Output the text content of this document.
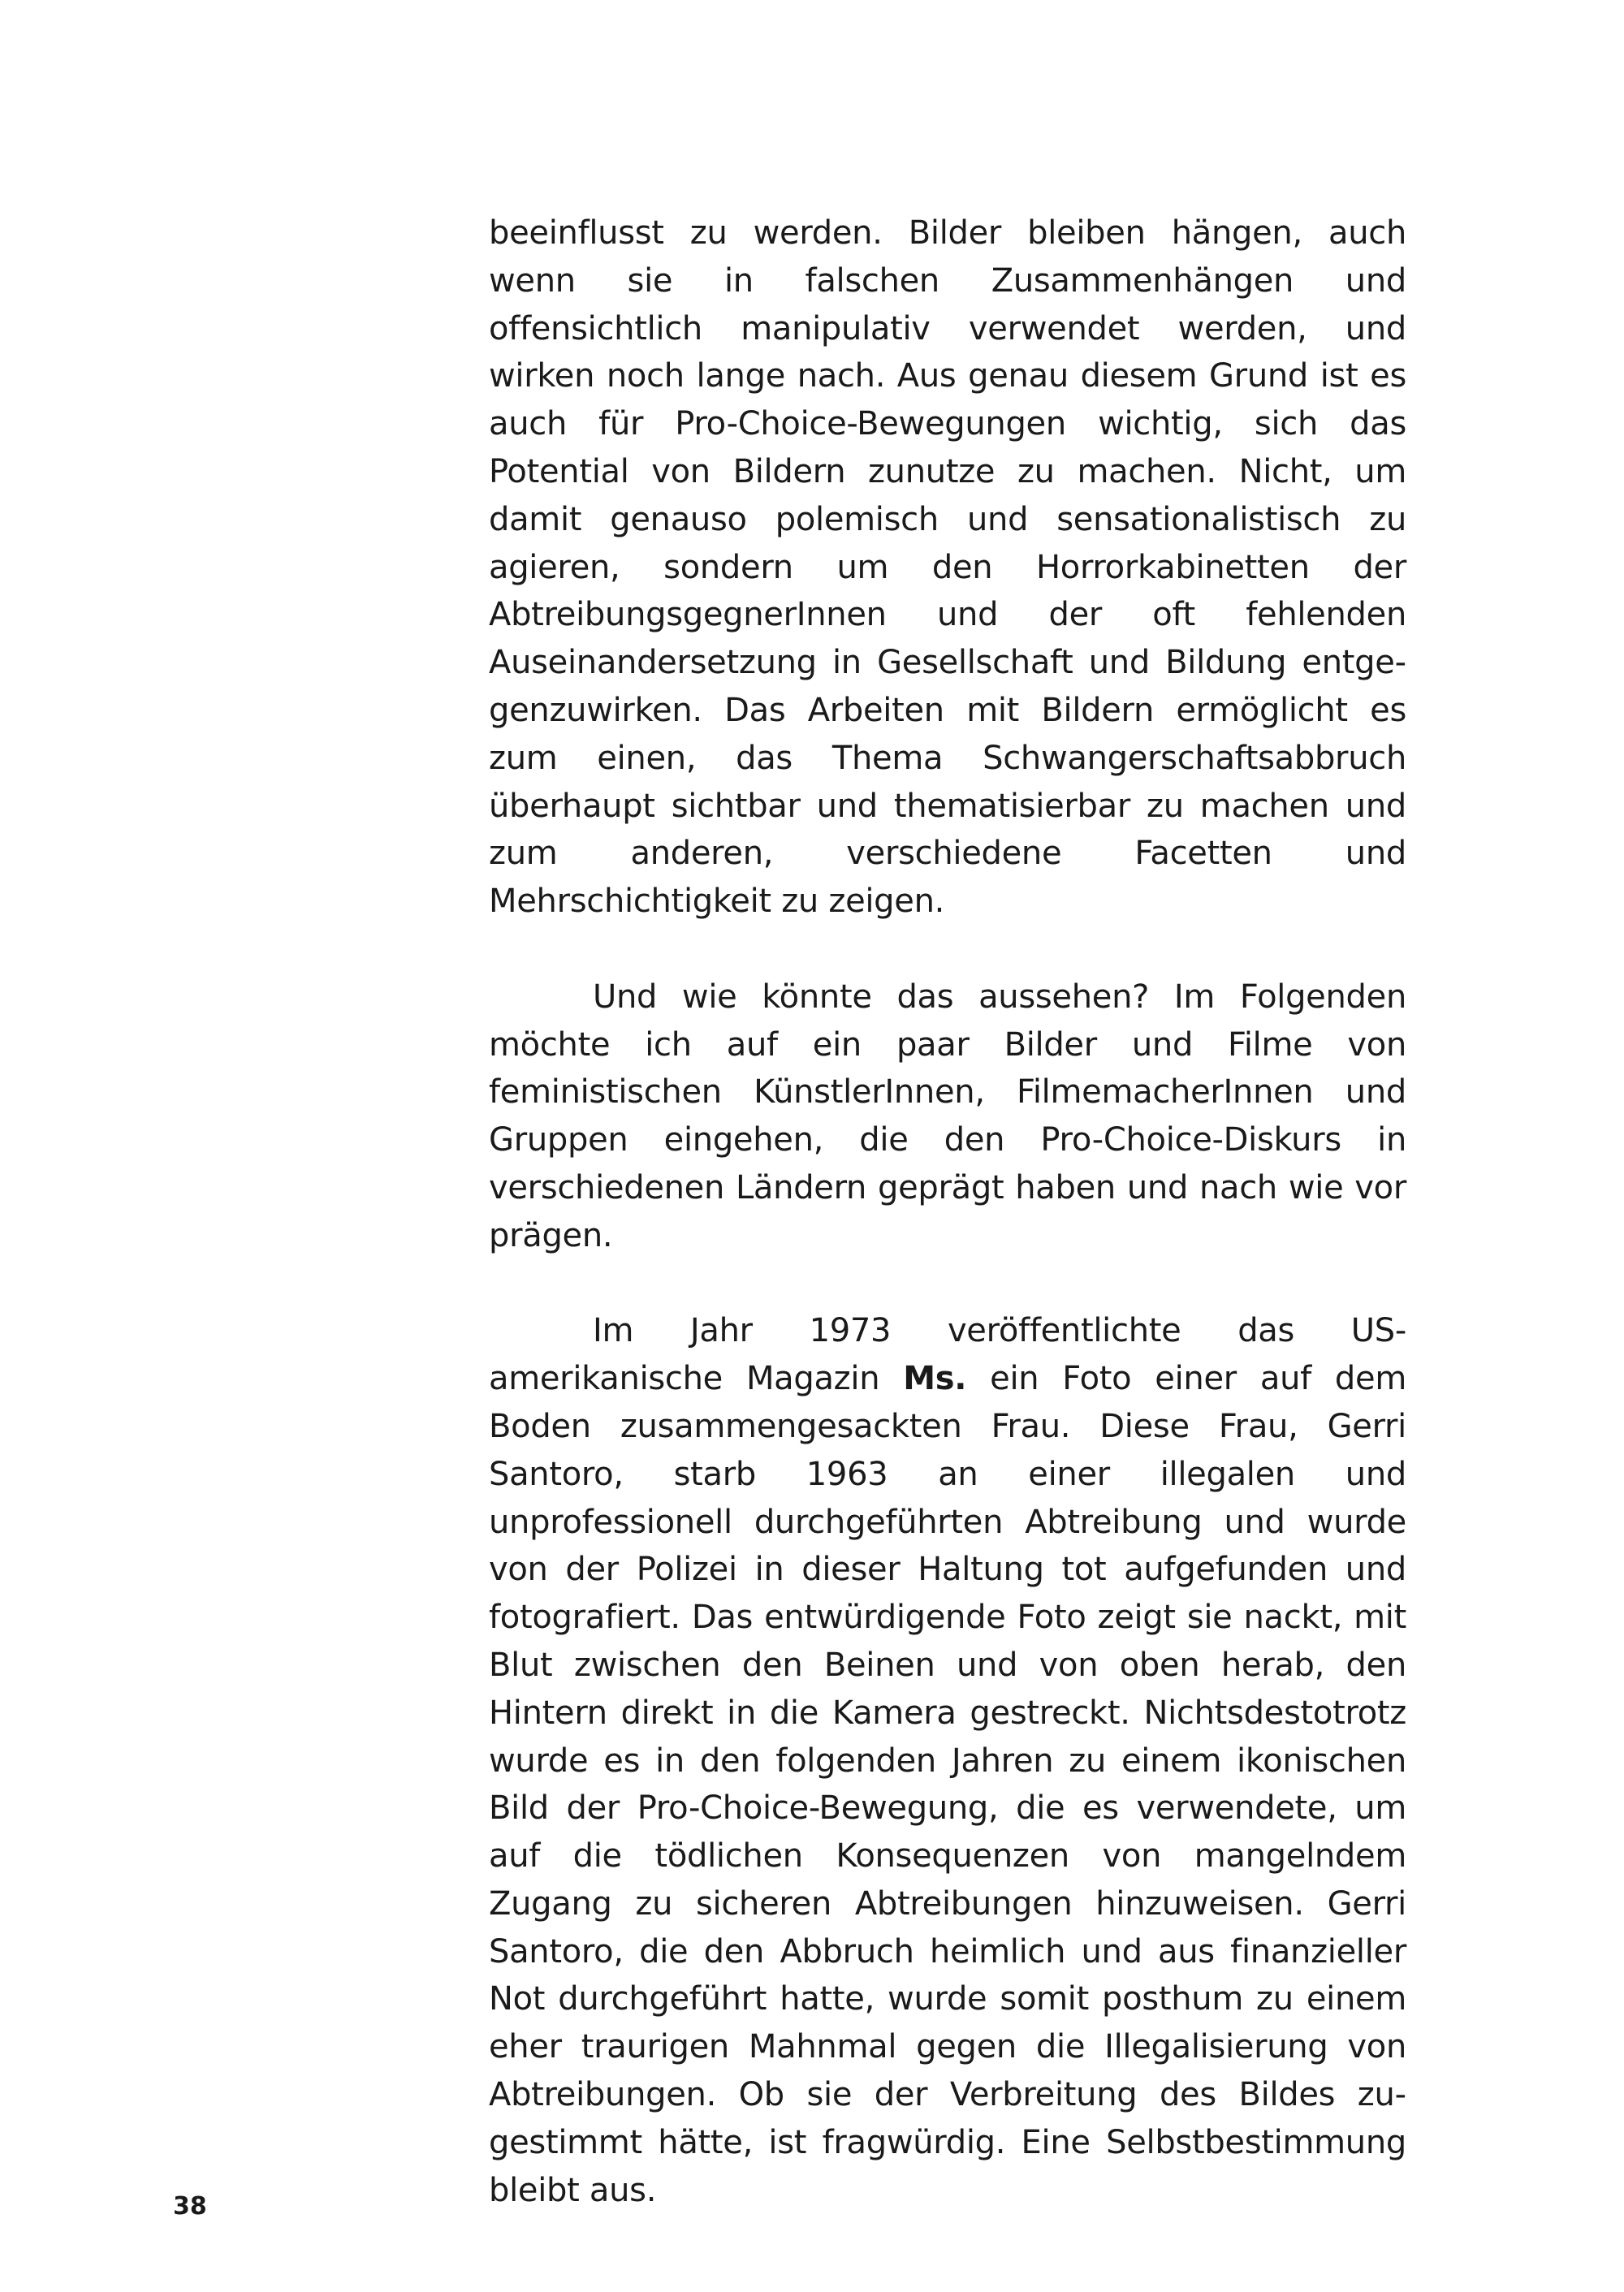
beeinflusst zu werden. Bilder bleiben hängen, auch wenn sie in falschen Zusammenhängen und offensichtlich manipulativ verwendet werden, und wirken noch lange nach. Aus genau diesem Grund ist es auch für Pro-Choice-Bewegungen wichtig, sich das Potential von Bildern zunutze zu machen. Nicht, um damit genauso polemisch und sensationalistisch zu agieren, sondern um den Horrorkabinetten der AbtreibungsgegnerInnen und der oft fehlenden Auseinandersetzung in Gesellschaft und Bildung entgegenzuwirken. Das Arbeiten mit Bildern ermöglicht es zum einen, das Thema Schwangerschaftsabbruch überhaupt sichtbar und thematisierbar zu machen und zum anderen, verschiedene Facetten und Mehrschichtigkeit zu zeigen.

Und wie könnte das aussehen? Im Folgenden möchte ich auf ein paar Bilder und Filme von feministischen KünstlerInnen, FilmemacherInnen und Gruppen eingehen, die den Pro-Choice-Diskurs in verschiedenen Ländern geprägt haben und nach wie vor prägen.

Im Jahr 1973 veröffentlichte das US-amerikanische Magazin Ms. ein Foto einer auf dem Boden zusammengesackten Frau. Diese Frau, Gerri Santoro, starb 1963 an einer illegalen und unprofessionell durchgeführten Abtreibung und wurde von der Polizei in dieser Haltung tot aufgefunden und fotografiert. Das entwürdigende Foto zeigt sie nackt, mit Blut zwischen den Beinen und von oben herab, den Hintern direkt in die Kamera gestreckt. Nichtsdestotrotz wurde es in den folgenden Jahren zu einem ikonischen Bild der Pro-Choice-Bewegung, die es verwendete, um auf die tödlichen Konsequenzen von mangelndem Zugang zu sicheren Abtreibungen hinzuweisen. Gerri Santoro, die den Abbruch heimlich und aus finanzieller Not durchgeführt hatte, wurde somit posthum zu einem eher traurigen Mahnmal gegen die Illegalisierung von Abtreibungen. Ob sie der Verbreitung des Bildes zugestimmt hätte, ist fragwürdig. Eine Selbstbestimmung bleibt aus.

38
